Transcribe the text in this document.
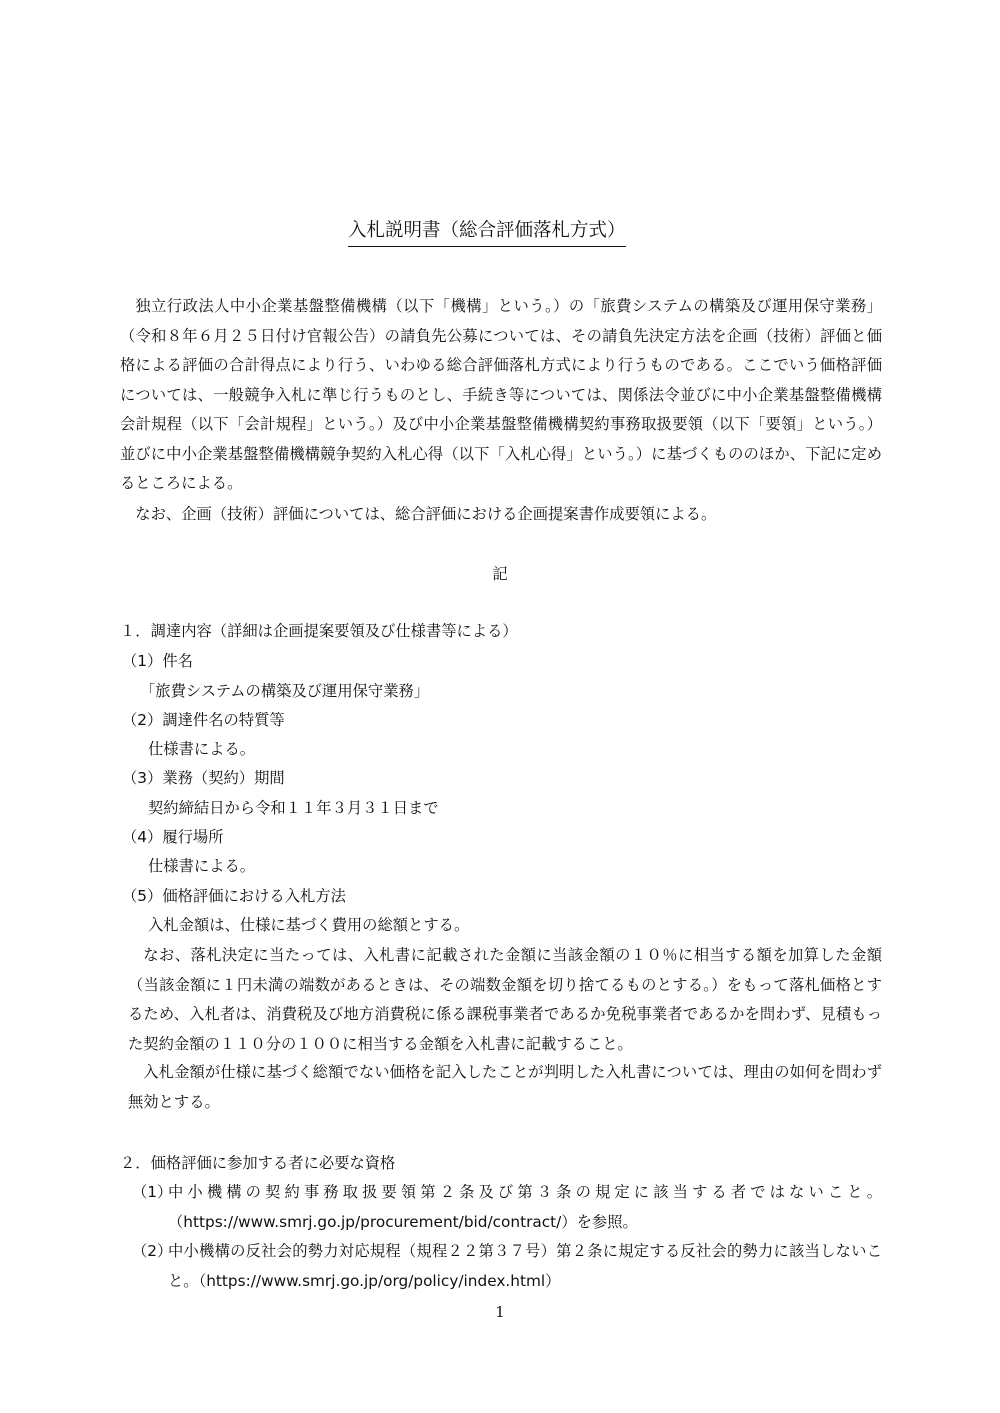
入札説明書（総合評価落札方式）

独立行政法人中小企業基盤整備機構（以下「機構」という。）の「旅費システムの構築及び運用保守業務」（令和８年６月２５日付け官報公告）の請負先公募については、その請負先決定方法を企画（技術）評価と価格による評価の合計得点により行う、いわゆる総合評価落札方式により行うものである。ここでいう価格評価については、一般競争入札に準じ行うものとし、手続き等については、関係法令並びに中小企業基盤整備機構会計規程（以下「会計規程」という。）及び中小企業基盤整備機構契約事務取扱要領（以下「要領」という。）並びに中小企業基盤整備機構競争契約入札心得（以下「入札心得」という。）に基づくもののほか、下記に定めるところによる。

なお、企画（技術）評価については、総合評価における企画提案書作成要領による。

記

１．調達内容（詳細は企画提案要領及び仕様書等による）

（1）件名

「旅費システムの構築及び運用保守業務」

（2）調達件名の特質等

仕様書による。

（3）業務（契約）期間

契約締結日から令和１１年３月３１日まで

（4）履行場所

仕様書による。

（5）価格評価における入札方法

入札金額は、仕様に基づく費用の総額とする。

なお、落札決定に当たっては、入札書に記載された金額に当該金額の１０％に相当する額を加算した金額（当該金額に１円未満の端数があるときは、その端数金額を切り捨てるものとする。）をもって落札価格とするため、入札者は、消費税及び地方消費税に係る課税事業者であるか免税事業者であるかを問わず、見積もった契約金額の１１０分の１００に相当する金額を入札書に記載すること。

入札金額が仕様に基づく総額でない価格を記入したことが判明した入札書については、理由の如何を問わず無効とする。

２．価格評価に参加する者に必要な資格

（1）
中小機構の契約事務取扱要領第２条及び第３条の規定に該当する者ではないこと。（https://www.smrj.go.jp/procurement/bid/contract/）を参照。
（2）
中小機構の反社会的勢力対応規程（規程２２第３７号）第２条に規定する反社会的勢力に該当しないこと。（https://www.smrj.go.jp/org/policy/index.html）
1
